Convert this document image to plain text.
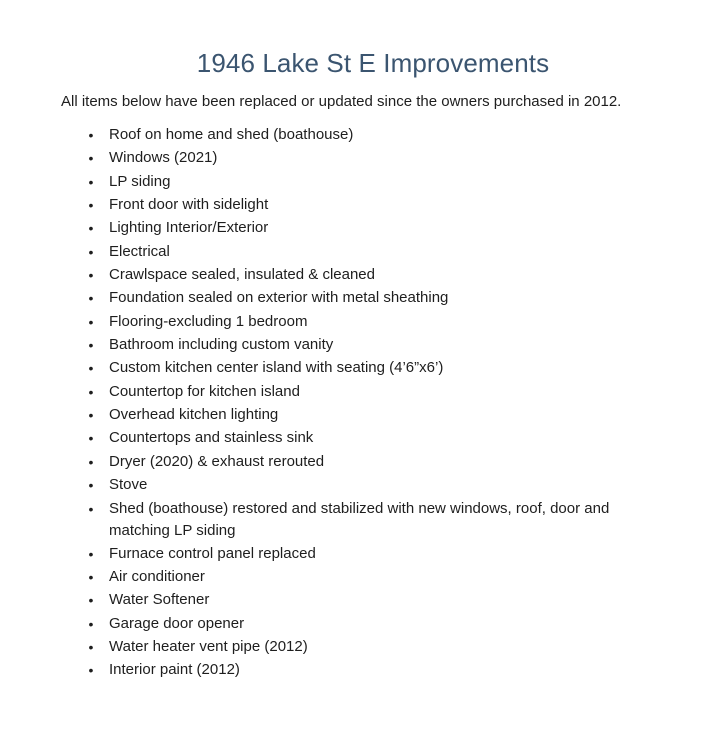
1946 Lake St E Improvements

All items below have been replaced or updated since the owners purchased in 2012.

• Roof on home and shed (boathouse)
• Windows (2021)
• LP siding
• Front door with sidelight
• Lighting Interior/Exterior
• Electrical
• Crawlspace sealed, insulated & cleaned
• Foundation sealed on exterior with metal sheathing
• Flooring-excluding 1 bedroom
• Bathroom including custom vanity
• Custom kitchen center island with seating (4’6”x6’)
• Countertop for kitchen island
• Overhead kitchen lighting
• Countertops and stainless sink
• Dryer (2020) & exhaust rerouted
• Stove
• Shed (boathouse) restored and stabilized with new windows, roof, door and matching LP siding
• Furnace control panel replaced
• Air conditioner
• Water Softener
• Garage door opener
• Water heater vent pipe (2012)
• Interior paint (2012)
